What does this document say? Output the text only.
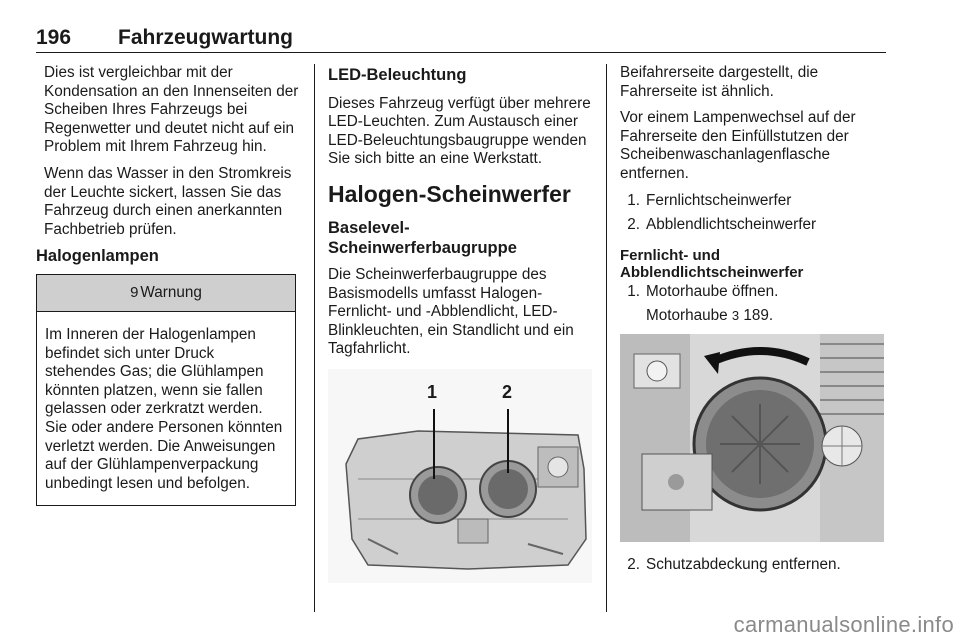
196 Fahrzeugwartung

Dies ist vergleichbar mit der Kondensation an den Innenseiten der Scheiben Ihres Fahrzeugs bei Regenwetter und deutet nicht auf ein Problem mit Ihrem Fahrzeug hin.

Wenn das Wasser in den Stromkreis der Leuchte sickert, lassen Sie das Fahrzeug durch einen anerkannten Fachbetrieb prüfen.

Halogenlampen
9 Warnung
Im Inneren der Halogenlampen befindet sich unter Druck stehendes Gas; die Glühlampen könnten platzen, wenn sie fallen gelassen oder zerkratzt werden. Sie oder andere Personen könnten verletzt werden. Die Anweisungen auf der Glühlampenverpackung unbedingt lesen und befolgen.
LED-Beleuchtung

Dieses Fahrzeug verfügt über mehrere LED-Leuchten. Zum Austausch einer LED-Beleuchtungsbaugruppe wenden Sie sich bitte an eine Werkstatt.

Halogen-Scheinwerfer
Baselevel-Scheinwerferbaugruppe

Die Scheinwerferbaugruppe des Basismodells umfasst Halogen-Fernlicht- und -Abblendlicht, LED-Blinkleuchten, ein Standlicht und ein Tagfahrlicht.

1	2

Beifahrerseite dargestellt, die Fahrerseite ist ähnlich.

Vor einem Lampenwechsel auf der Fahrerseite den Einfüllstutzen der Scheibenwaschanlagenflasche entfernen.

1. Fernlichtscheinwerfer
2. Abblendlichtscheinwerfer
Fernlicht- und Abblendlichtscheinwerfer
1. Motorhaube öffnen.
Motorhaube 3 189.
2. Schutzabdeckung entfernen.
carmanualsonline.info
